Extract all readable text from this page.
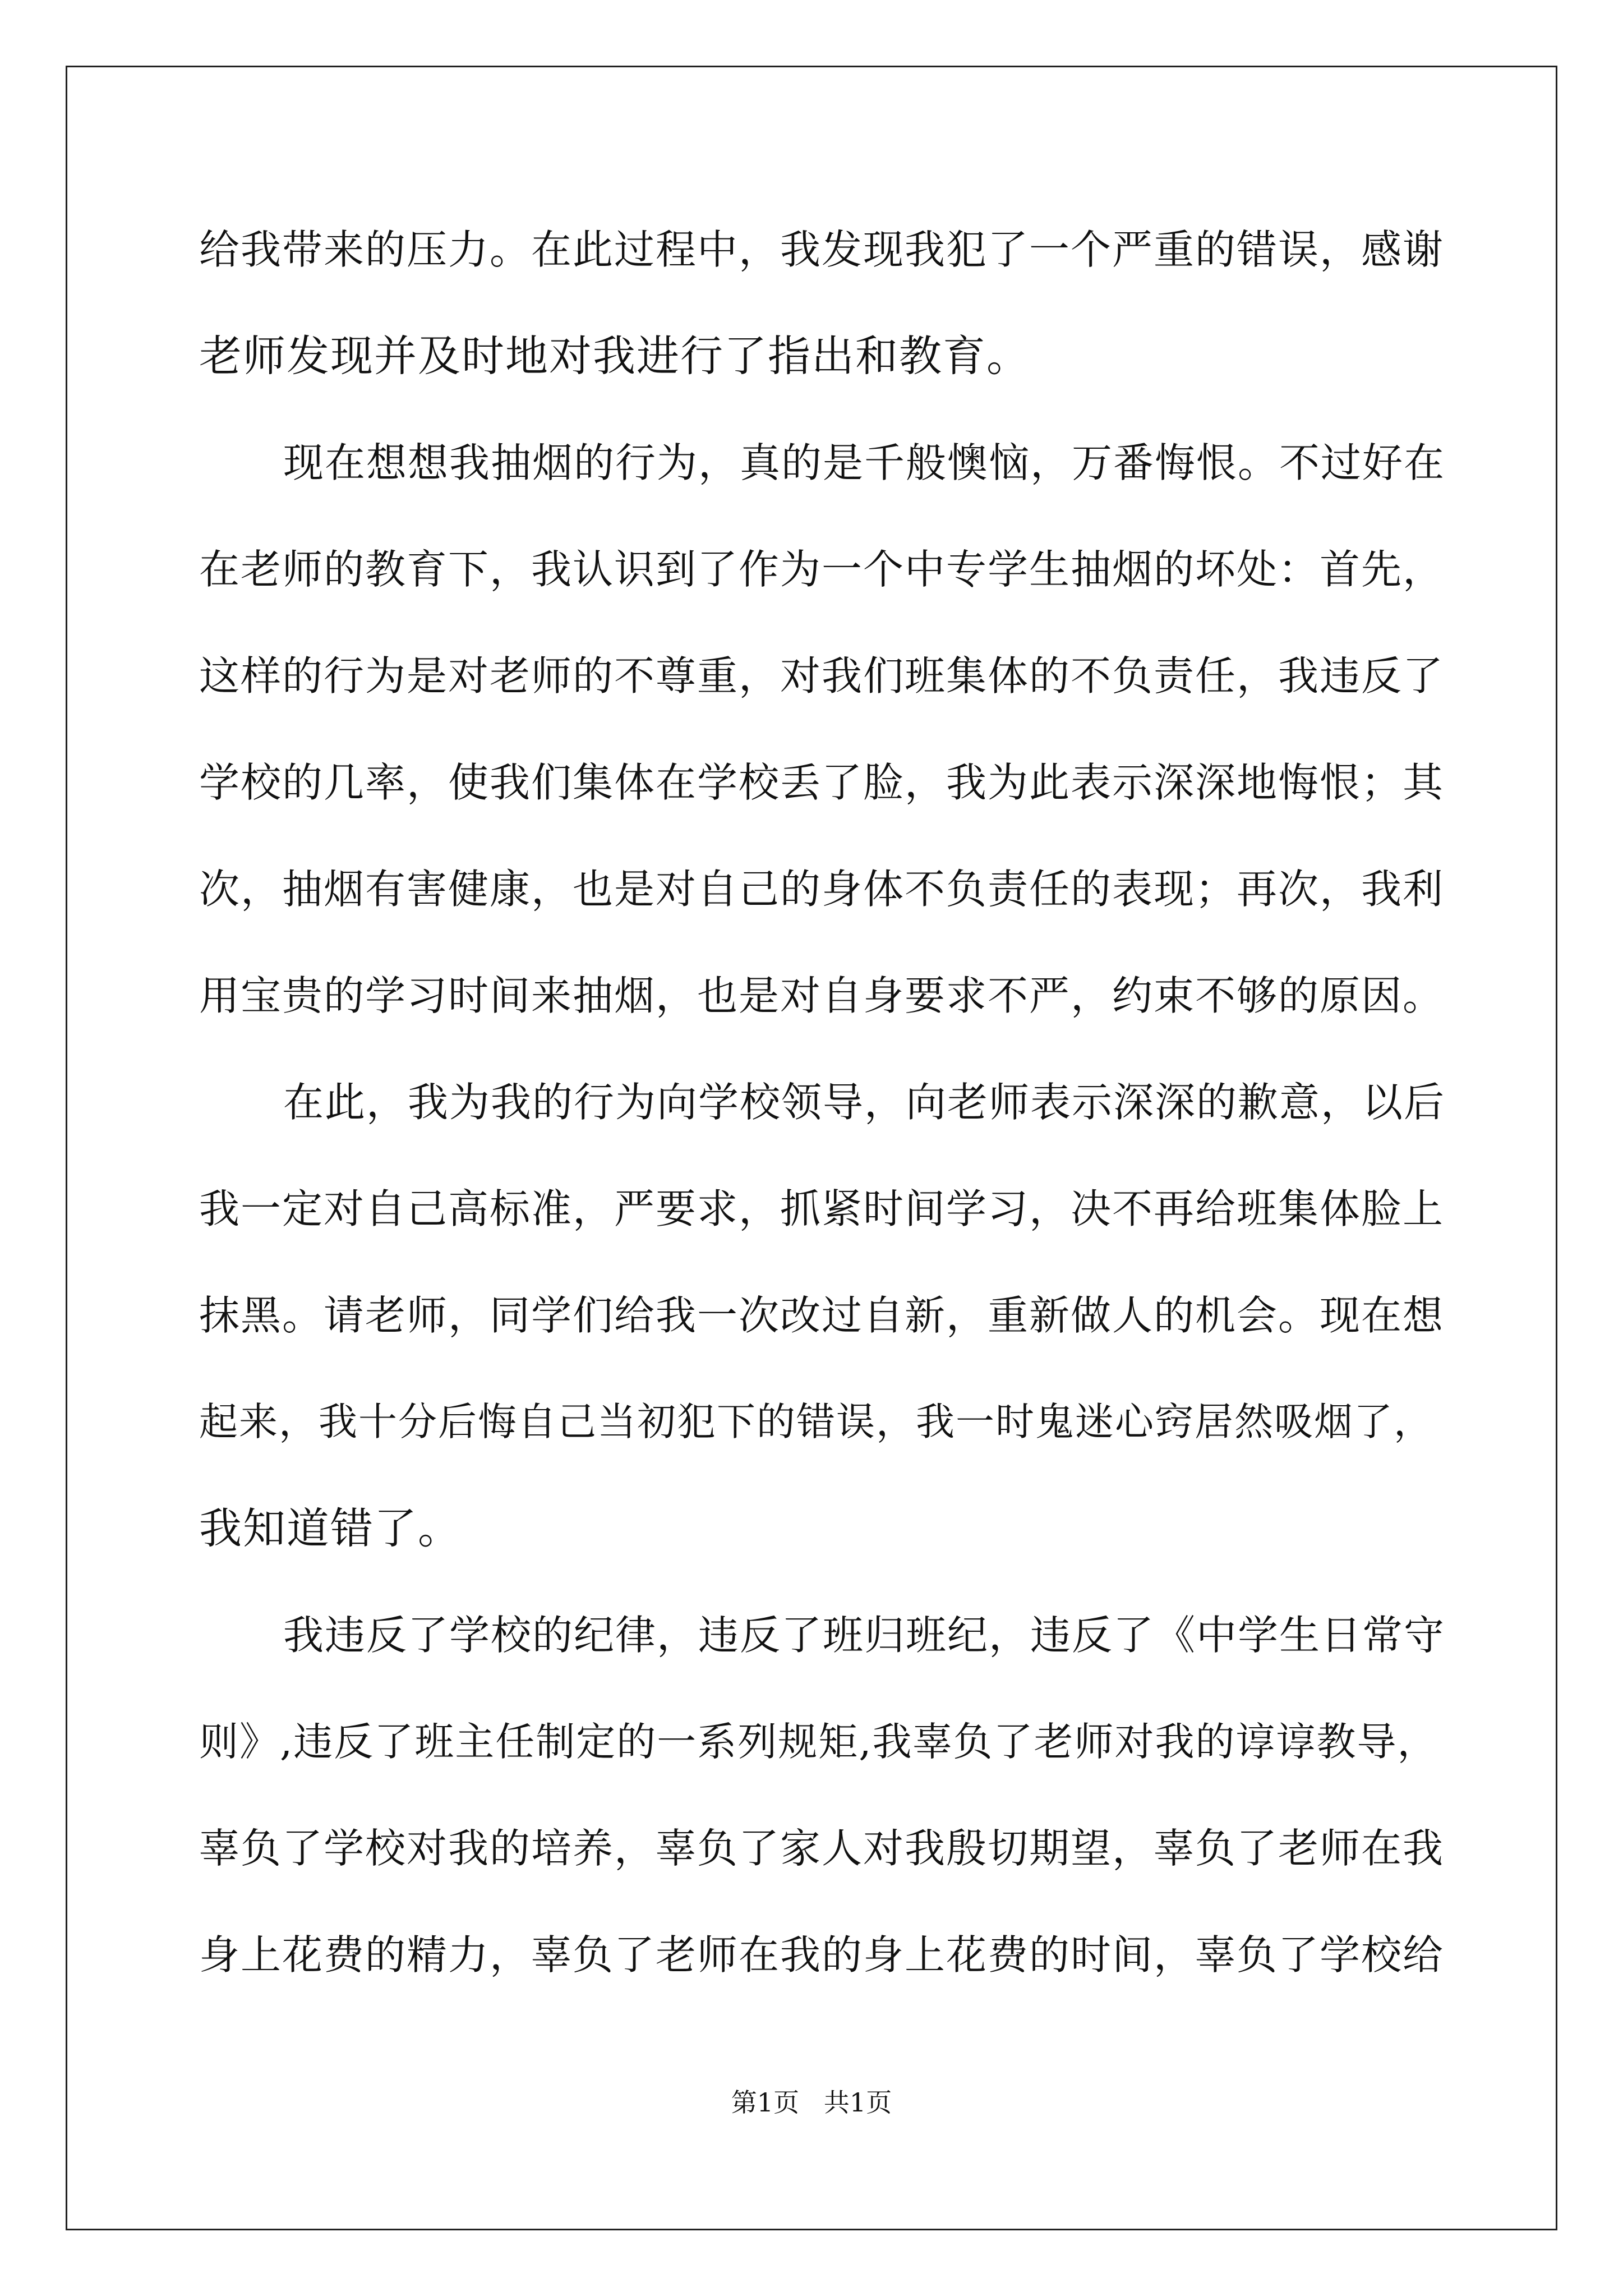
给我带来的压力。在此过程中，我发现我犯了一个严重的错误，感谢
老师发现并及时地对我进行了指出和教育。
现在想想我抽烟的行为，真的是千般懊恼，万番悔恨。不过好在
在老师的教育下，我认识到了作为一个中专学生抽烟的坏处：首先，
这样的行为是对老师的不尊重，对我们班集体的不负责任，我违反了
学校的几率，使我们集体在学校丢了脸，我为此表示深深地悔恨；其
次，抽烟有害健康，也是对自己的身体不负责任的表现；再次，我利
用宝贵的学习时间来抽烟，也是对自身要求不严，约束不够的原因。
在此，我为我的行为向学校领导，向老师表示深深的歉意，以后
我一定对自己高标准，严要求，抓紧时间学习，决不再给班集体脸上
抹黑。请老师，同学们给我一次改过自新，重新做人的机会。现在想
起来，我十分后悔自己当初犯下的错误，我一时鬼迷心窍居然吸烟了，
我知道错了。
我违反了学校的纪律，违反了班归班纪，违反了《中学生日常守
则》,违反了班主任制定的一系列规矩,我辜负了老师对我的谆谆教导，
辜负了学校对我的培养，辜负了家人对我殷切期望，辜负了老师在我
身上花费的精力，辜负了老师在我的身上花费的时间，辜负了学校给
第1页   共1页
